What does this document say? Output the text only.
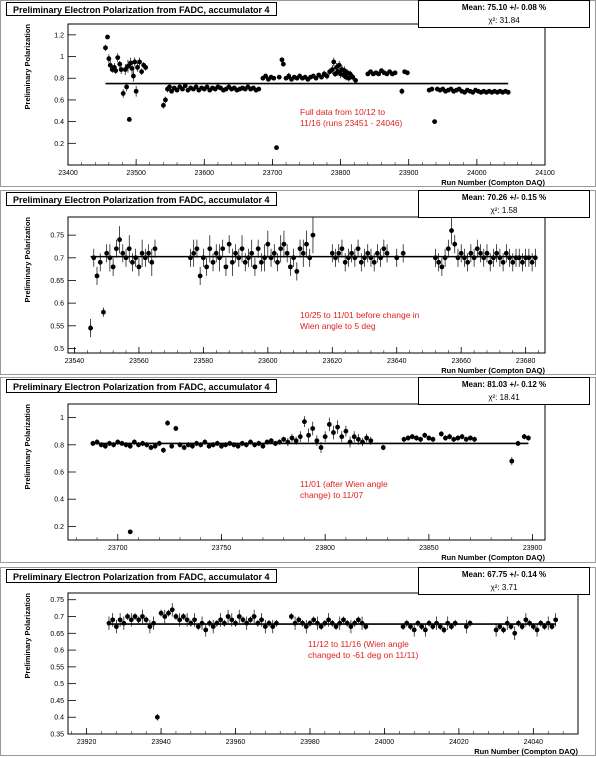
23400	23500	23600	23700	23800	23900	24000	24100
0.2
0.4
0.6
0.8
1
1.2
Run Number (Compton DAQ)
Preliminary Polarization
Full data from 10/12 to
11/16 (runs 23451 - 24046)
Preliminary Electron Polarization from FADC, accumulator 4	Mean: 75.10 +/- 0.08 %
χ²: 31.84
23540	23560	23580	23600	23620	23640	23660	23680
0.5
0.55
0.6
0.65
0.7
0.75
Run Number (Compton DAQ)
Preliminary Polarization
10/25 to 11/01 before change in
Wien angle to 5 deg
Preliminary Electron Polarization from FADC, accumulator 4	Mean: 70.26 +/- 0.15 %
χ²: 1.58
23700	23750	23800	23850	23900
0.2
0.4
0.6
0.8
1
Run Number (Compton DAQ)
Preliminary Polarization	11/01 (after Wien angle
change) to 11/07
Preliminary Electron Polarization from FADC, accumulator 4	Mean: 81.03 +/- 0.12 %
χ²: 18.41
23920	23940	23960	23980	24000	24020	24040
0.35
0.4
0.45
0.5
0.55
0.6
0.65
0.7
0.75
Run Number (Compton DAQ)
Preliminary Polarization	11/12 to 11/16 (Wien angle
changed to -61 deg on 11/11)
Preliminary Electron Polarization from FADC, accumulator 4	Mean: 67.75 +/- 0.14 %
χ²: 3.71
